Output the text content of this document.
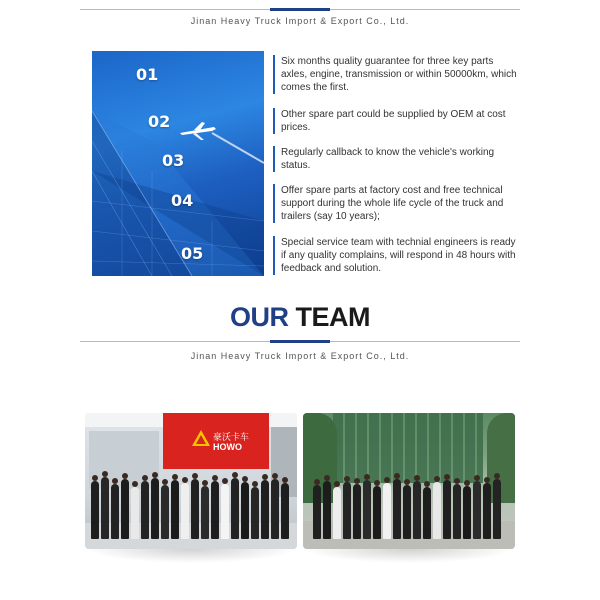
Jinan Heavy Truck Import & Export Co., Ltd.
01
02
03
04
05
Six months quality guarantee for three key parts axles, engine, transmission or within 50000km, which comes the first.
Other spare part could be supplied by OEM at cost prices.
Regularly callback to know the vehicle's working status.
Offer spare parts at factory cost and free technical support during the whole life cycle of the truck and trailers (say 10 years);
Special service team with technial engineers is ready if any quality complains, will respond in 48 hours with feedback and solution.
OUR TEAM
Jinan Heavy Truck Import & Export Co., Ltd.
豪沃卡车
HOWO
